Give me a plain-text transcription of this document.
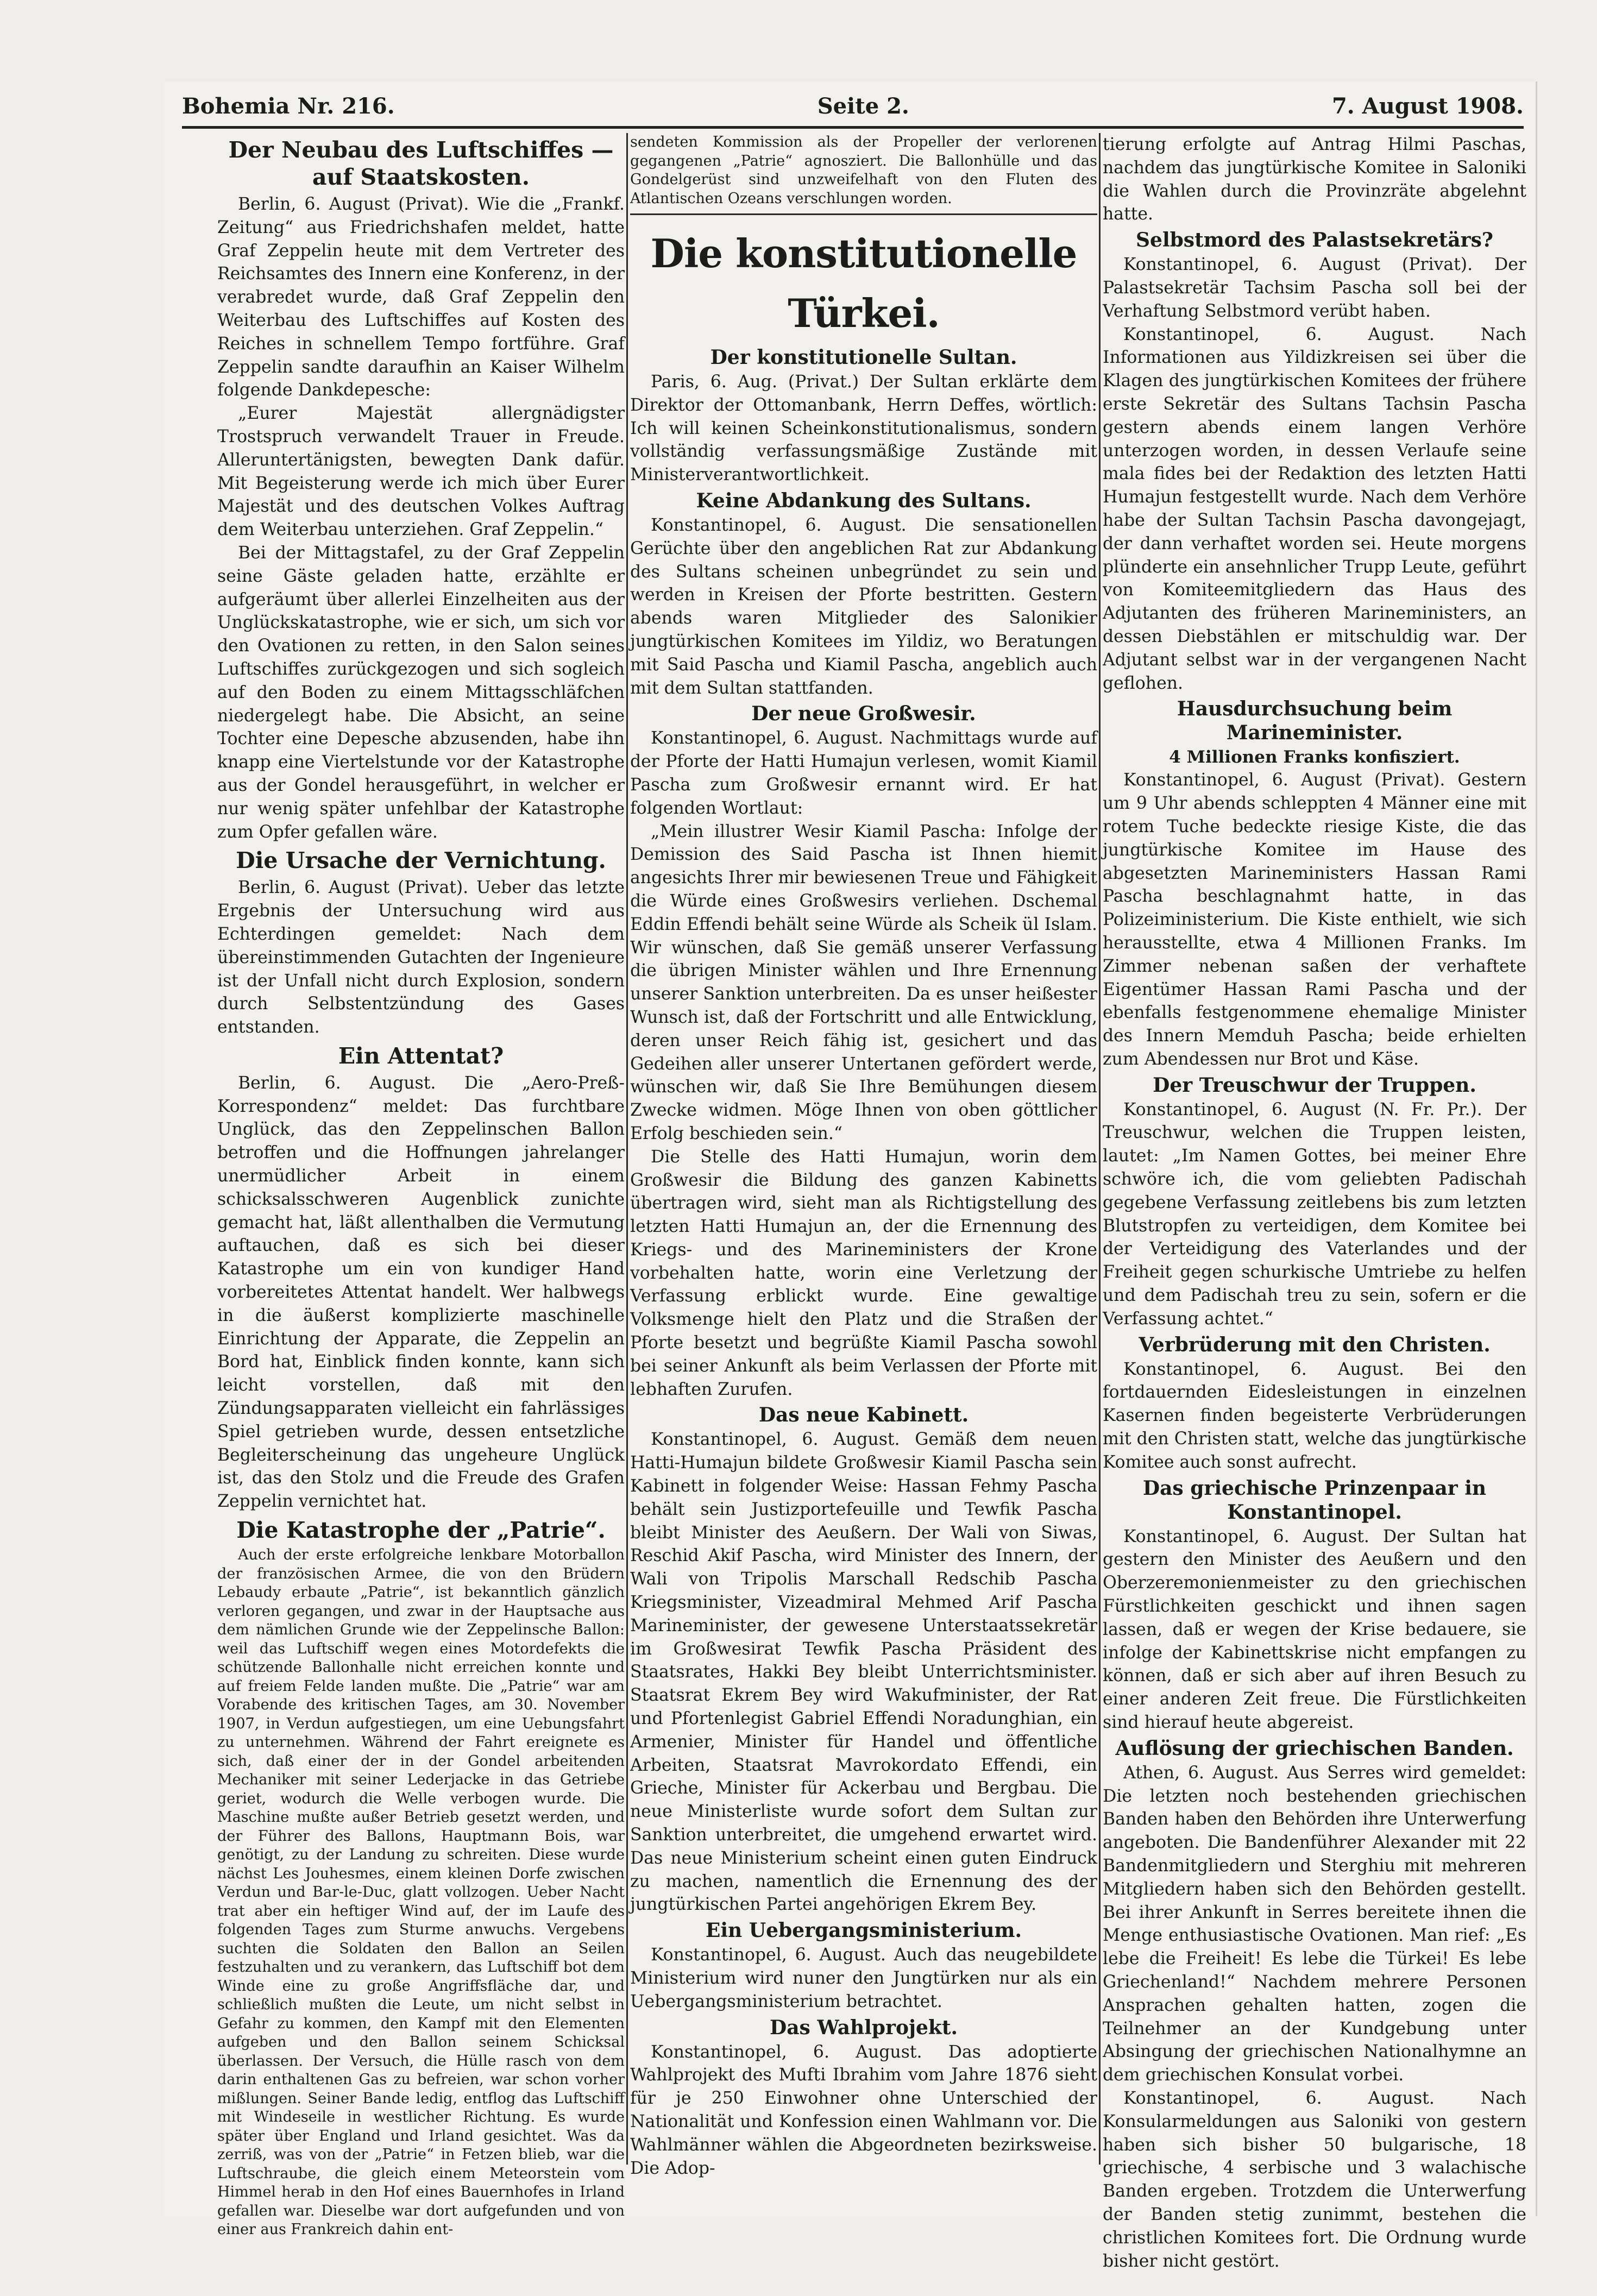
Bohemia Nr. 216.	Seite 2.	7. August 1908.
Der Neubau des Luftschiffes — auf Staatskosten.

Berlin, 6. August (Privat). Wie die „Frankf. Zeitung“ aus Friedrichshafen meldet, hatte Graf Zeppelin heute mit dem Vertreter des Reichsamtes des Innern eine Konferenz, in der verabredet wurde, daß Graf Zeppelin den Weiterbau des Luftschiffes auf Kosten des Reiches in schnellem Tempo fortführe. Graf Zeppelin sandte daraufhin an Kaiser Wilhelm folgende Dankdepesche:

„Eurer Majestät allergnädigster Trostspruch verwandelt Trauer in Freude. Alleruntertänigsten, bewegten Dank dafür. Mit Begeisterung werde ich mich über Eurer Majestät und des deutschen Volkes Auftrag dem Weiterbau unterziehen. Graf Zeppelin.“

Bei der Mittagstafel, zu der Graf Zeppelin seine Gäste geladen hatte, erzählte er aufgeräumt über allerlei Einzelheiten aus der Unglückskatastrophe, wie er sich, um sich vor den Ovationen zu retten, in den Salon seines Luftschiffes zurückgezogen und sich sogleich auf den Boden zu einem Mittagsschläfchen niedergelegt habe. Die Absicht, an seine Tochter eine Depesche abzusenden, habe ihn knapp eine Viertelstunde vor der Katastrophe aus der Gondel herausgeführt, in welcher er nur wenig später unfehlbar der Katastrophe zum Opfer gefallen wäre.

Die Ursache der Vernichtung.

Berlin, 6. August (Privat). Ueber das letzte Ergebnis der Untersuchung wird aus Echterdingen gemeldet: Nach dem übereinstimmenden Gutachten der Ingenieure ist der Unfall nicht durch Explosion, sondern durch Selbstentzündung des Gases entstanden.

Ein Attentat?

Berlin, 6. August. Die „Aero-Preß-Korrespondenz“ meldet: Das furchtbare Unglück, das den Zeppelinschen Ballon betroffen und die Hoffnungen jahrelanger unermüdlicher Arbeit in einem schicksalsschweren Augenblick zunichte gemacht hat, läßt allenthalben die Vermutung auftauchen, daß es sich bei dieser Katastrophe um ein von kundiger Hand vorbereitetes Attentat handelt. Wer halbwegs in die äußerst komplizierte maschinelle Einrichtung der Apparate, die Zeppelin an Bord hat, Einblick finden konnte, kann sich leicht vorstellen, daß mit den Zündungsapparaten vielleicht ein fahrlässiges Spiel getrieben wurde, dessen entsetzliche Begleiterscheinung das ungeheure Unglück ist, das den Stolz und die Freude des Grafen Zeppelin vernichtet hat.

Die Katastrophe der „Patrie“.

Auch der erste erfolgreiche lenkbare Motorballon der französischen Armee, die von den Brüdern Lebaudy erbaute „Patrie“, ist bekanntlich gänzlich verloren gegangen, und zwar in der Hauptsache aus dem nämlichen Grunde wie der Zeppelinsche Ballon: weil das Luftschiff wegen eines Motordefekts die schützende Ballonhalle nicht erreichen konnte und auf freiem Felde landen mußte. Die „Patrie“ war am Vorabende des kritischen Tages, am 30. November 1907, in Verdun aufgestiegen, um eine Uebungsfahrt zu unternehmen. Während der Fahrt ereignete es sich, daß einer der in der Gondel arbeitenden Mechaniker mit seiner Lederjacke in das Getriebe geriet, wodurch die Welle verbogen wurde. Die Maschine mußte außer Betrieb gesetzt werden, und der Führer des Ballons, Hauptmann Bois, war genötigt, zu der Landung zu schreiten. Diese wurde nächst Les Jouhesmes, einem kleinen Dorfe zwischen Verdun und Bar-le-Duc, glatt vollzogen. Ueber Nacht trat aber ein heftiger Wind auf, der im Laufe des folgenden Tages zum Sturme anwuchs. Vergebens suchten die Soldaten den Ballon an Seilen festzuhalten und zu verankern, das Luftschiff bot dem Winde eine zu große Angriffsfläche dar, und schließlich mußten die Leute, um nicht selbst in Gefahr zu kommen, den Kampf mit den Elementen aufgeben und den Ballon seinem Schicksal überlassen. Der Versuch, die Hülle rasch von dem darin enthaltenen Gas zu befreien, war schon vorher mißlungen. Seiner Bande ledig, entflog das Luftschiff mit Windeseile in westlicher Richtung. Es wurde später über England und Irland gesichtet. Was da zerriß, was von der „Patrie“ in Fetzen blieb, war die Luftschraube, die gleich einem Meteorstein vom Himmel herab in den Hof eines Bauernhofes in Irland gefallen war. Dieselbe war dort aufgefunden und von einer aus Frankreich dahin ent-

sendeten Kommission als der Propeller der verlorenen gegangenen „Patrie“ agnosziert. Die Ballonhülle und das Gondelgerüst sind unzweifelhaft von den Fluten des Atlantischen Ozeans verschlungen worden.

Die konstitutionelle Türkei.
Der konstitutionelle Sultan.

Paris, 6. Aug. (Privat.) Der Sultan erklärte dem Direktor der Ottomanbank, Herrn Deffes, wörtlich: Ich will keinen Scheinkonstitutionalismus, sondern vollständig verfassungsmäßige Zustände mit Ministerverantwortlichkeit.

Keine Abdankung des Sultans.

Konstantinopel, 6. August. Die sensationellen Gerüchte über den angeblichen Rat zur Abdankung des Sultans scheinen unbegründet zu sein und werden in Kreisen der Pforte bestritten. Gestern abends waren Mitglieder des Salonikier jungtürkischen Komitees im Yildiz, wo Beratungen mit Said Pascha und Kiamil Pascha, angeblich auch mit dem Sultan stattfanden.

Der neue Großwesir.

Konstantinopel, 6. August. Nachmittags wurde auf der Pforte der Hatti Humajun verlesen, womit Kiamil Pascha zum Großwesir ernannt wird. Er hat folgenden Wortlaut:

„Mein illustrer Wesir Kiamil Pascha: Infolge der Demission des Said Pascha ist Ihnen hiemit angesichts Ihrer mir bewiesenen Treue und Fähigkeit die Würde eines Großwesirs verliehen. Dschemal Eddin Effendi behält seine Würde als Scheik ül Islam. Wir wünschen, daß Sie gemäß unserer Verfassung die übrigen Minister wählen und Ihre Ernennung unserer Sanktion unterbreiten. Da es unser heißester Wunsch ist, daß der Fortschritt und alle Entwicklung, deren unser Reich fähig ist, gesichert und das Gedeihen aller unserer Untertanen gefördert werde, wünschen wir, daß Sie Ihre Bemühungen diesem Zwecke widmen. Möge Ihnen von oben göttlicher Erfolg beschieden sein.“

Die Stelle des Hatti Humajun, worin dem Großwesir die Bildung des ganzen Kabinetts übertragen wird, sieht man als Richtigstellung des letzten Hatti Humajun an, der die Ernennung des Kriegs- und des Marineministers der Krone vorbehalten hatte, worin eine Verletzung der Verfassung erblickt wurde. Eine gewaltige Volksmenge hielt den Platz und die Straßen der Pforte besetzt und begrüßte Kiamil Pascha sowohl bei seiner Ankunft als beim Verlassen der Pforte mit lebhaften Zurufen.

Das neue Kabinett.

Konstantinopel, 6. August. Gemäß dem neuen Hatti-Humajun bildete Großwesir Kiamil Pascha sein Kabinett in folgender Weise: Hassan Fehmy Pascha behält sein Justizportefeuille und Tewfik Pascha bleibt Minister des Aeußern. Der Wali von Siwas, Reschid Akif Pascha, wird Minister des Innern, der Wali von Tripolis Marschall Redschib Pascha Kriegsminister, Vizeadmiral Mehmed Arif Pascha Marineminister, der gewesene Unterstaatssekretär im Großwesirat Tewfik Pascha Präsident des Staatsrates, Hakki Bey bleibt Unterrichtsminister. Staatsrat Ekrem Bey wird Wakufminister, der Rat und Pfortenlegist Gabriel Effendi Noradunghian, ein Armenier, Minister für Handel und öffentliche Arbeiten, Staatsrat Mavrokordato Effendi, ein Grieche, Minister für Ackerbau und Bergbau. Die neue Ministerliste wurde sofort dem Sultan zur Sanktion unterbreitet, die umgehend erwartet wird. Das neue Ministerium scheint einen guten Eindruck zu machen, namentlich die Ernennung des der jungtürkischen Partei angehörigen Ekrem Bey.

Ein Uebergangsministerium.

Konstantinopel, 6. August. Auch das neugebildete Ministerium wird nuner den Jungtürken nur als ein Uebergangsministerium betrachtet.

Das Wahlprojekt.

Konstantinopel, 6. August. Das adoptierte Wahlprojekt des Mufti Ibrahim vom Jahre 1876 sieht für je 250 Einwohner ohne Unterschied der Nationalität und Konfession einen Wahlmann vor. Die Wahlmänner wählen die Abgeordneten bezirksweise. Die Adop-

tierung erfolgte auf Antrag Hilmi Paschas, nachdem das jungtürkische Komitee in Saloniki die Wahlen durch die Provinzräte abgelehnt hatte.

Selbstmord des Palastsekretärs?

Konstantinopel, 6. August (Privat). Der Palastsekretär Tachsim Pascha soll bei der Verhaftung Selbstmord verübt haben.

Konstantinopel, 6. August. Nach Informationen aus Yildizkreisen sei über die Klagen des jungtürkischen Komitees der frühere erste Sekretär des Sultans Tachsin Pascha gestern abends einem langen Verhöre unterzogen worden, in dessen Verlaufe seine mala fides bei der Redaktion des letzten Hatti Humajun festgestellt wurde. Nach dem Verhöre habe der Sultan Tachsin Pascha davongejagt, der dann verhaftet worden sei. Heute morgens plünderte ein ansehnlicher Trupp Leute, geführt von Komiteemitgliedern das Haus des Adjutanten des früheren Marineministers, an dessen Diebstählen er mitschuldig war. Der Adjutant selbst war in der vergangenen Nacht geflohen.

Hausdurchsuchung beim Marineminister.
4 Millionen Franks konfisziert.

Konstantinopel, 6. August (Privat). Gestern um 9 Uhr abends schleppten 4 Männer eine mit rotem Tuche bedeckte riesige Kiste, die das jungtürkische Komitee im Hause des abgesetzten Marineministers Hassan Rami Pascha beschlagnahmt hatte, in das Polizeiministerium. Die Kiste enthielt, wie sich herausstellte, etwa 4 Millionen Franks. Im Zimmer nebenan saßen der verhaftete Eigentümer Hassan Rami Pascha und der ebenfalls festgenommene ehemalige Minister des Innern Memduh Pascha; beide erhielten zum Abendessen nur Brot und Käse.

Der Treuschwur der Truppen.

Konstantinopel, 6. August (N. Fr. Pr.). Der Treuschwur, welchen die Truppen leisten, lautet: „Im Namen Gottes, bei meiner Ehre schwöre ich, die vom geliebten Padischah gegebene Verfassung zeitlebens bis zum letzten Blutstropfen zu verteidigen, dem Komitee bei der Verteidigung des Vaterlandes und der Freiheit gegen schurkische Umtriebe zu helfen und dem Padischah treu zu sein, sofern er die Verfassung achtet.“

Verbrüderung mit den Christen.

Konstantinopel, 6. August. Bei den fortdauernden Eidesleistungen in einzelnen Kasernen finden begeisterte Verbrüderungen mit den Christen statt, welche das jungtürkische Komitee auch sonst aufrecht.

Das griechische Prinzenpaar in Konstantinopel.

Konstantinopel, 6. August. Der Sultan hat gestern den Minister des Aeußern und den Oberzeremonienmeister zu den griechischen Fürstlichkeiten geschickt und ihnen sagen lassen, daß er wegen der Krise bedauere, sie infolge der Kabinettskrise nicht empfangen zu können, daß er sich aber auf ihren Besuch zu einer anderen Zeit freue. Die Fürstlichkeiten sind hierauf heute abgereist.

Auflösung der griechischen Banden.

Athen, 6. August. Aus Serres wird gemeldet: Die letzten noch bestehenden griechischen Banden haben den Behörden ihre Unterwerfung angeboten. Die Bandenführer Alexander mit 22 Bandenmitgliedern und Sterghiu mit mehreren Mitgliedern haben sich den Behörden gestellt. Bei ihrer Ankunft in Serres bereitete ihnen die Menge enthusiastische Ovationen. Man rief: „Es lebe die Freiheit! Es lebe die Türkei! Es lebe Griechenland!“ Nachdem mehrere Personen Ansprachen gehalten hatten, zogen die Teilnehmer an der Kundgebung unter Absingung der griechischen Nationalhymne an dem griechischen Konsulat vorbei.

Konstantinopel, 6. August. Nach Konsularmeldungen aus Saloniki von gestern haben sich bisher 50 bulgarische, 18 griechische, 4 serbische und 3 walachische Banden ergeben. Trotzdem die Unterwerfung der Banden stetig zunimmt, bestehen die christlichen Komitees fort. Die Ordnung wurde bisher nicht gestört.
